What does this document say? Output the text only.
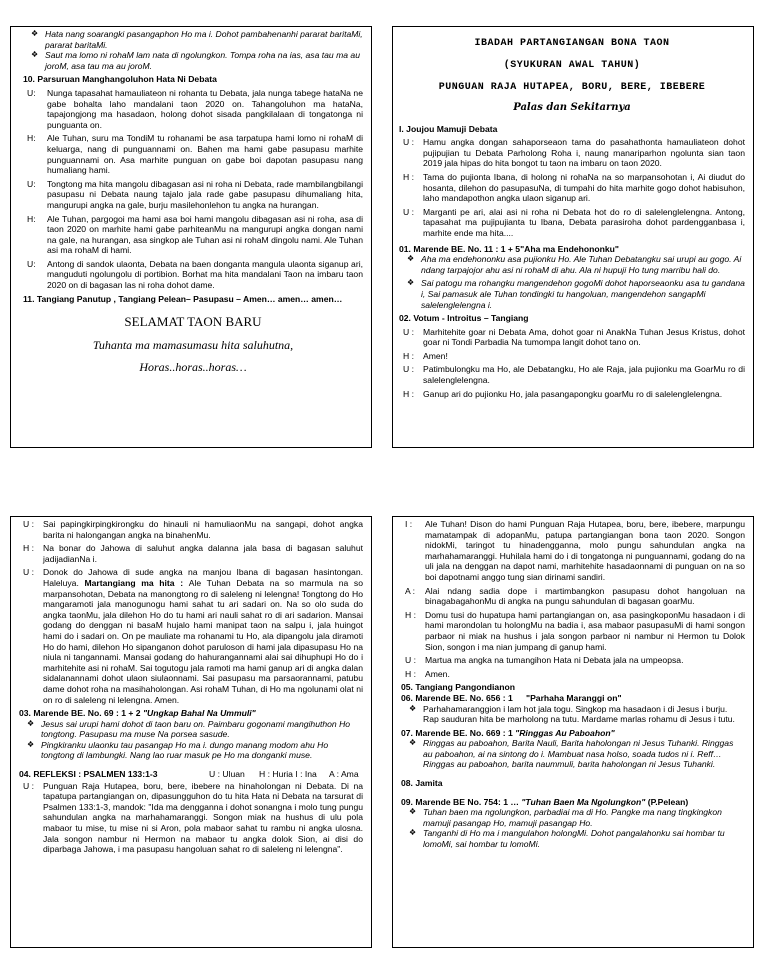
❖ Hata nang soarangki pasangaphon Ho ma i. Dohot pambahenanhi pararat baritaMi, pararat baritaMi.
❖ Saut ma lomo ni rohaM lam nata di ngolungkon. Tompa roha na ias, asa tau ma au joroM, asa tau ma au joroM.
10. Parsuruan Manghangoluhon Hata Ni Debata
U:	Nunga tapasahat hamauliateon ni rohanta tu Debata, jala nunga tabege hataNa ne gabe bohalta laho mandalani taon 2020 on. Tahangoluhon ma hataNa, tapajongjong ma hasadaon, holong dohot sisada pangkilalaan di tongatonga ni punguanta on.
H:	Ale Tuhan, suru ma TondiM tu rohanami be asa tarpatupa hami lomo ni rohaM di keluarga, nang di punguannami on. Bahen ma hami gabe pasupasu marhite punguannami on. Asa marhite punguan on gabe boi dapotan pasupasu nang humaliang hami.
U:	Tongtong ma hita mangolu dibagasan asi ni roha ni Debata, rade mambilangbilangi pasupasu ni Debata naung tajalo jala rade gabe pasupasu dihumaliang hita, mangurupi angka na gale, burju masilehonlehon tu angka na hurangan.
H:	Ale Tuhan, pargogoi ma hami asa boi hami mangolu dibagasan asi ni roha, asa di taon 2020 on marhite hami gabe parhiteanMu na mangurupi angka dongan nami na gale, na hurangan, asa singkop ale Tuhan asi ni rohaM dingolu nami. Ale Tuhan asi ma rohaM di hami.
U:	Antong di sandok ulaonta, Debata na baen donganta mangula ulaonta siganup ari, manguduti ngolungolu di portibion. Borhat ma hita mandalani Taon na imbaru taon 2020 on di bagasan las ni roha dohot dame.
11. Tangiang Panutup , Tangiang Pelean– Pasupasu – Amen… amen… amen…
SELAMAT TAON BARU
Tuhanta ma mamasumasu hita saluhutna,
Horas..horas..horas…
IBADAH PARTANGIANGAN BONA TAON
(SYUKURAN AWAL TAHUN)
PUNGUAN RAJA HUTAPEA, BORU, BERE, IBEBERE
Palas dan Sekitarnya
I. Joujou Mamuji Debata
U :	Hamu angka dongan sahaporseaon tama do pasahathonta hamauliateon dohot pujipujian tu Debata Parholong Roha i, naung manariparhon ngolunta sian taon 2019 jala hipas do hita bongot tu taon na imbaru on taon 2020.
H :	Tama do pujionta Ibana, di holong ni rohaNa na so marpansohotan i, Ai diudut do hosanta, dilehon do pasupasuNa, di tumpahi do hita marhite gogo dohot habisuhon, laho mandapothon angka ulaon siganup ari.
U :	Marganti pe ari, alai asi ni roha ni Debata hot do ro di salelenglelengna. Antong, tapasahat ma pujipujianta tu Ibana, Debata parasiroha dohot pardengganbasa i, marhite ende ma hita....
01. Marende BE. No. 11 : 1 + 5"Aha ma Endehononku"
❖ Aha ma endehononku asa pujionku Ho. Ale Tuhan Debatangku sai urupi au gogo. Ai ndang tarpajojor ahu asi ni rohaM di ahu. Ala ni hupuji Ho tung marribu hali do.
❖ Sai patogu ma rohangku mangendehon gogoMi dohot haporseaonku asa tu gandana i, Sai pamasuk ale Tuhan tondingki tu hangoluan, mangendehon sangapMi salelenglelengna i.
02. Votum - Introitus – Tangiang
U :	Marhitehite goar ni Debata Ama, dohot goar ni AnakNa Tuhan Jesus Kristus, dohot goar ni Tondi Parbadia Na tumompa langit dohot tano on.
H :	Amen!
U :	Patimbulongku ma Ho, ale Debatangku, Ho ale Raja, jala pujionku ma GoarMu ro di salelenglelengna.
H :	Ganup ari do pujionku Ho, jala pasangapongku goarMu ro di salelenglelengna.
U :	Sai papingkirpingkirongku do hinauli ni hamuliaonMu na sangapi, dohot angka barita ni halongangan angka na binahenMu.
H :	Na bonar do Jahowa di saluhut angka dalanna jala basa di bagasan saluhut jadijadianNa i.
U :	Donok do Jahowa di sude angka na manjou Ibana di bagasan hasintongan. Haleluya. Martangiang ma hita : Ale Tuhan Debata na so marmula na so marpansohotan, Debata na manongtong ro di saleleng ni lelengna! Tongtong do Ho mangaramoti jala manogunogu hami sahat tu ari sadari on. Na so olo suda do angka taonMu, jala dilehon Ho do tu hami ari nauli sahat ro di ari sadarion. Mansai godang do denggan ni basaM hujalo hami manipat taon na salpu i, jala huingot hami do i sadari on. On pe mauliate ma rohanami tu Ho, ala dipangolu jala diramoti Ho do hami, dilehon Ho sipanganon dohot paruloson di hami jala dipasupasu Ho na niula ni tangannami. Mansai godang do hahurangannami alai sai dihuphupi Ho do i marhitehite asi ni rohaM. Sai togutogu jala ramoti ma hami ganup ari di angka dalan sidalanannami dohot ulaon siulaonnami. Sai pasupasu ma parsaorannami, patubu dame dohot roha na masihaholongan. Asi rohaM Tuhan, di Ho ma ngolunami olat ni on ro di saleleng ni lelengna. Amen.
03. Marende BE. No. 69 : 1 + 2 "Ungkap Bahal Na Ummuli"
❖ Jesus sai urupi hami dohot di taon baru on. Paimbaru gogonami mangihuthon Ho tongtong. Pasupasu ma muse Na porsea sasude.
❖ Pingkiranku ulaonku tau pasangap Ho ma i. dungo manang modom ahu Ho tongtong di lambungki. Nang lao ruar masuk pe Ho ma donganki muse.
04. REFLEKSI : PSALMEN 133:1-3	U : Uluan	H : Huria I : Ina	A : Ama
U :	Punguan Raja Hutapea, boru, bere, ibebere na hinaholongan ni Debata. Di na tapatupa partangiangan on, dipasungguhon do tu hita Hata ni Debata na tarsurat di Psalmen 133:1-3, mandok: "Ida ma dengganna i dohot sonangna i molo tung pungu sahundulan angka na marhahamaranggi. Songon miak na hushus di ulu pola mabaor tu mise, tu mise ni si Aron, pola mabaor sahat tu rambu ni angka ulosna. Jala songon nambur ni Hermon na mabaor tu angka dolok Sion, ai disi do diparbaga Jahowa, i ma pasupasu hangoluan sahat ro di saleleng ni lelengna".
I :	Ale Tuhan! Dison do hami Punguan Raja Hutapea, boru, bere, ibebere, marpungu mamatampak di adopanMu, patupa partangiangan bona taon 2020. Songon nidokMi, taringot tu hinadengganna, molo pungu sahundulan angka na marhahamaranggi. Huhilala hami do i di tongatonga ni punguannami, godang do na uli jala na denggan na dapot nami, marhitehite hasadaonnami di punguan on na so boi dapotnami anggo tung sian dirinami sandiri.
A :	Alai ndang sadia dope i martimbangkon pasupasu dohot hangoluan na binagabagahonMu di angka na pungu sahundulan di bagasan goarMu.
H :	Domu tusi do hupatupa hami partangiangan on, asa pasingkoponMu hasadaon i di hami marondolan tu holongMu na badia i, asa mabaor pasupasuMi di hami songon parbaor ni miak na hushus i jala songon parbaor ni nambur ni Hermon tu Dolok Sion, songon i ma nian jumpang di ganup hami.
U :	Martua ma angka na tumangihon Hata ni Debata jala na umpeopsa.
H :	Amen.
05. Tangiang Pangondianon
06. Marende BE. No. 656 : 1	"Parhaha Maranggi on"
❖ Parhahamaranggion i lam hot jala togu. Singkop ma hasadaon i di Jesus i burju. Rap sauduran hita be marholong na tutu. Mardame marlas rohamu di Jesus i tutu.
07. Marende BE. No. 669 : 1 "Ringgas Au Paboahon"
❖ Ringgas au paboahon, Barita Nauli, Barita haholongan ni Jesus Tuhanki. Ringgas au paboahon, ai na sintong do i. Mambuat nasa holso, soada tudos ni i. Reff… Ringgas au paboahon, barita naummuli, barita haholongan ni Jesus Tuhanki.
08. Jamita
09. Marende BE No. 754: 1 … "Tuhan Baen Ma Ngolungkon" (P.Pelean)
❖ Tuhan baen ma ngolungkon, parbadiai ma di Ho. Pangke ma nang tingkingkon mamuji pasangap Ho, mamuji pasangap Ho.
❖ Tanganhi di Ho ma i mangulahon holongMi. Dohot pangalahonku sai hombar tu lomoMi, sai hombar tu lomoMi.
